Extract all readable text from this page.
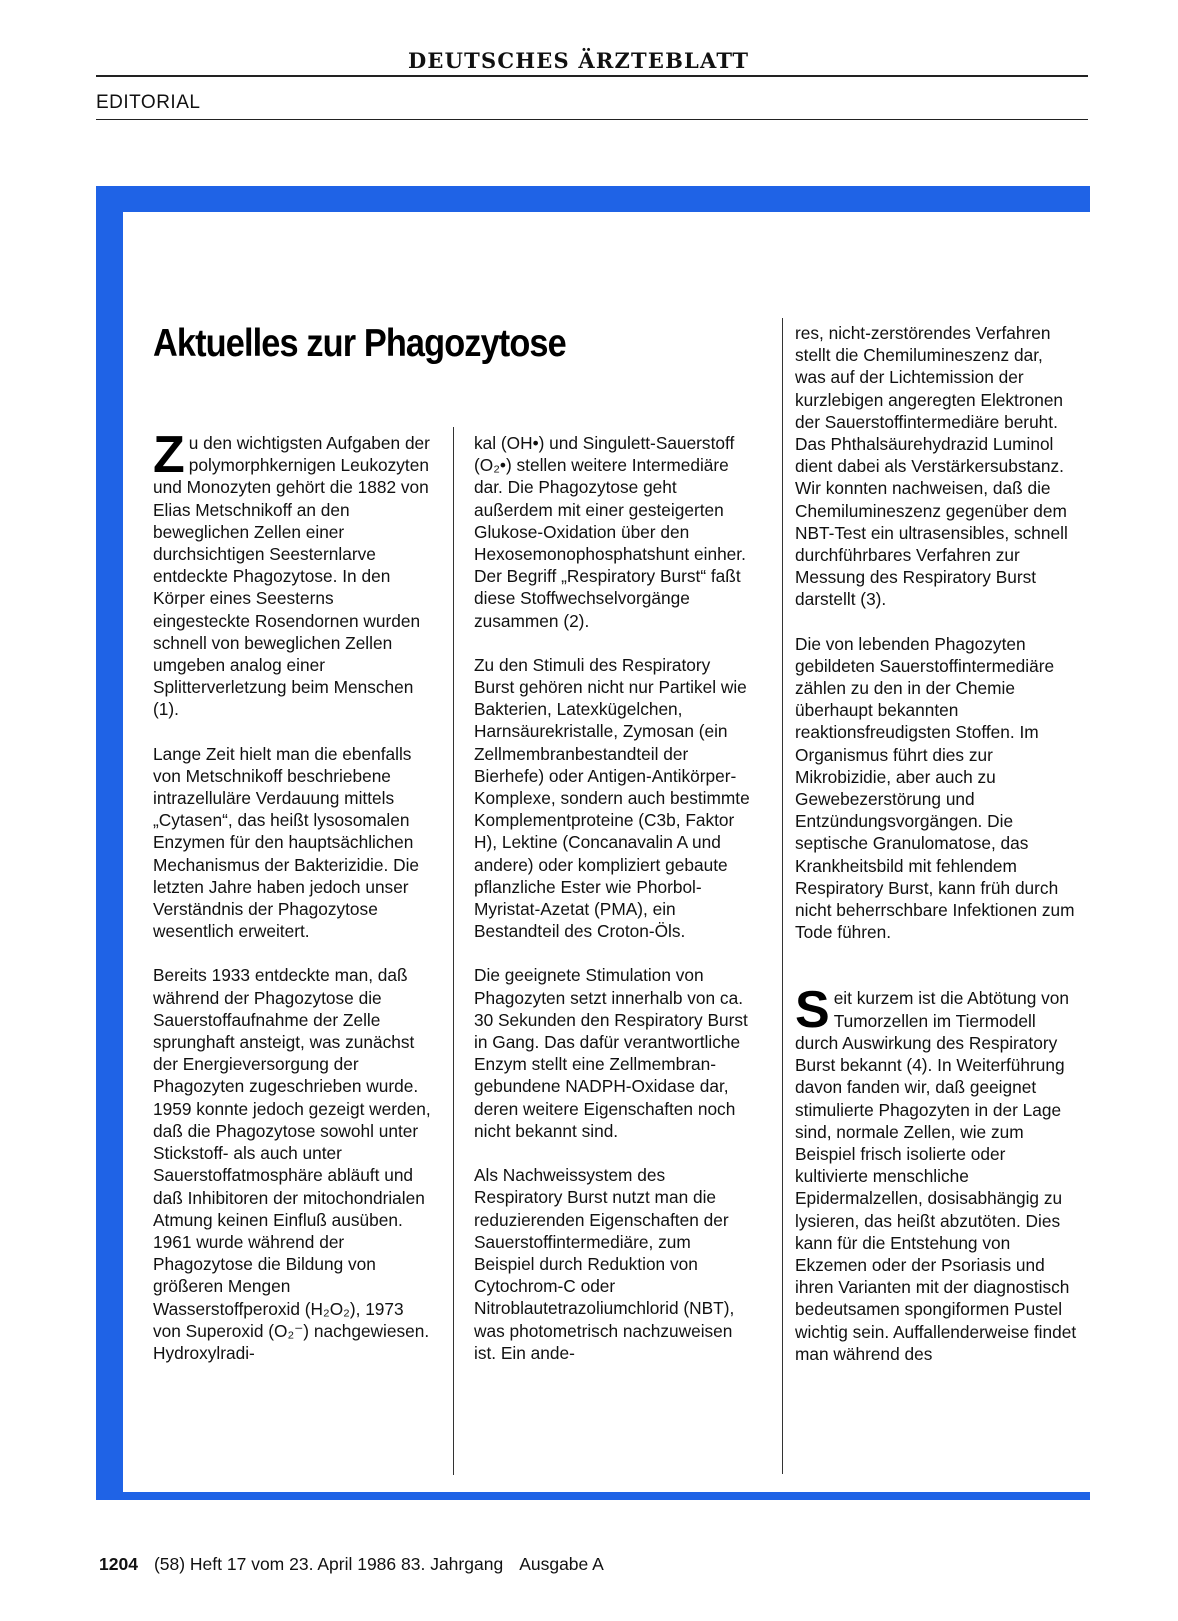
DEUTSCHES ÄRZTEBLATT
EDITORIAL
Aktuelles zur Phagozytose

Zu den wichtigsten Aufgaben der polymorphkernigen Leukozyten und Monozyten gehört die 1882 von Elias Metschnikoff an den beweglichen Zellen einer durchsichtigen Seesternlarve entdeckte Phagozytose. In den Körper eines Seesterns eingesteckte Rosendornen wurden schnell von beweglichen Zellen umgeben analog einer Splitterverletzung beim Menschen (1).

Lange Zeit hielt man die ebenfalls von Metschnikoff beschriebene intrazelluläre Verdauung mittels „Cytasen“, das heißt lysosomalen Enzymen für den hauptsächlichen Mechanismus der Bakterizidie. Die letzten Jahre haben jedoch unser Verständnis der Phagozytose wesentlich erweitert.

Bereits 1933 entdeckte man, daß während der Phagozytose die Sauerstoffaufnahme der Zelle sprunghaft ansteigt, was zunächst der Energieversorgung der Phagozyten zugeschrieben wurde. 1959 konnte jedoch gezeigt werden, daß die Phagozytose sowohl unter Stickstoff- als auch unter Sauerstoffatmosphäre abläuft und daß Inhibitoren der mitochondrialen Atmung keinen Einfluß ausüben. 1961 wurde während der Phagozytose die Bildung von größeren Mengen Wasserstoffperoxid (H₂O₂), 1973 von Superoxid (O₂⁻) nachgewiesen. Hydroxylradi-

kal (OH•) und Singulett-Sauerstoff (O₂•) stellen weitere Intermediäre dar. Die Phagozytose geht außerdem mit einer gesteigerten Glukose-Oxidation über den Hexosemonophosphatshunt einher. Der Begriff „Respiratory Burst“ faßt diese Stoffwechselvorgänge zusammen (2).

Zu den Stimuli des Respiratory Burst gehören nicht nur Partikel wie Bakterien, Latexkügelchen, Harnsäurekristalle, Zymosan (ein Zellmembranbestandteil der Bierhefe) oder Antigen-Antikörper-Komplexe, sondern auch bestimmte Komplementproteine (C3b, Faktor H), Lektine (Concanavalin A und andere) oder kompliziert gebaute pflanzliche Ester wie Phorbol-Myristat-Azetat (PMA), ein Bestandteil des Croton-Öls.

Die geeignete Stimulation von Phagozyten setzt innerhalb von ca. 30 Sekunden den Respiratory Burst in Gang. Das dafür verantwortliche Enzym stellt eine Zellmembran-gebundene NADPH-Oxidase dar, deren weitere Eigenschaften noch nicht bekannt sind.

Als Nachweissystem des Respiratory Burst nutzt man die reduzierenden Eigenschaften der Sauerstoffintermediäre, zum Beispiel durch Reduktion von Cytochrom-C oder Nitroblautetrazoliumchlorid (NBT), was photometrisch nachzuweisen ist. Ein ande-

res, nicht-zerstörendes Verfahren stellt die Chemilumineszenz dar, was auf der Lichtemission der kurzlebigen angeregten Elektronen der Sauerstoffintermediäre beruht. Das Phthalsäurehydrazid Luminol dient dabei als Verstärkersubstanz. Wir konnten nachweisen, daß die Chemilumineszenz gegenüber dem NBT-Test ein ultrasensibles, schnell durchführbares Verfahren zur Messung des Respiratory Burst darstellt (3).

Die von lebenden Phagozyten gebildeten Sauerstoffintermediäre zählen zu den in der Chemie überhaupt bekannten reaktionsfreudigsten Stoffen. Im Organismus führt dies zur Mikrobizidie, aber auch zu Gewebezerstörung und Entzündungsvorgängen. Die septische Granulomatose, das Krankheitsbild mit fehlendem Respiratory Burst, kann früh durch nicht beherrschbare Infektionen zum Tode führen.

Seit kurzem ist die Abtötung von Tumorzellen im Tiermodell durch Auswirkung des Respiratory Burst bekannt (4). In Weiterführung davon fanden wir, daß geeignet stimulierte Phagozyten in der Lage sind, normale Zellen, wie zum Beispiel frisch isolierte oder kultivierte menschliche Epidermalzellen, dosisabhängig zu lysieren, das heißt abzutöten. Dies kann für die Entstehung von Ekzemen oder der Psoriasis und ihren Varianten mit der diagnostisch bedeutsamen spongiformen Pustel wichtig sein. Auffallenderweise findet man während des

1204 (58) Heft 17 vom 23. April 1986 83. Jahrgang Ausgabe A
